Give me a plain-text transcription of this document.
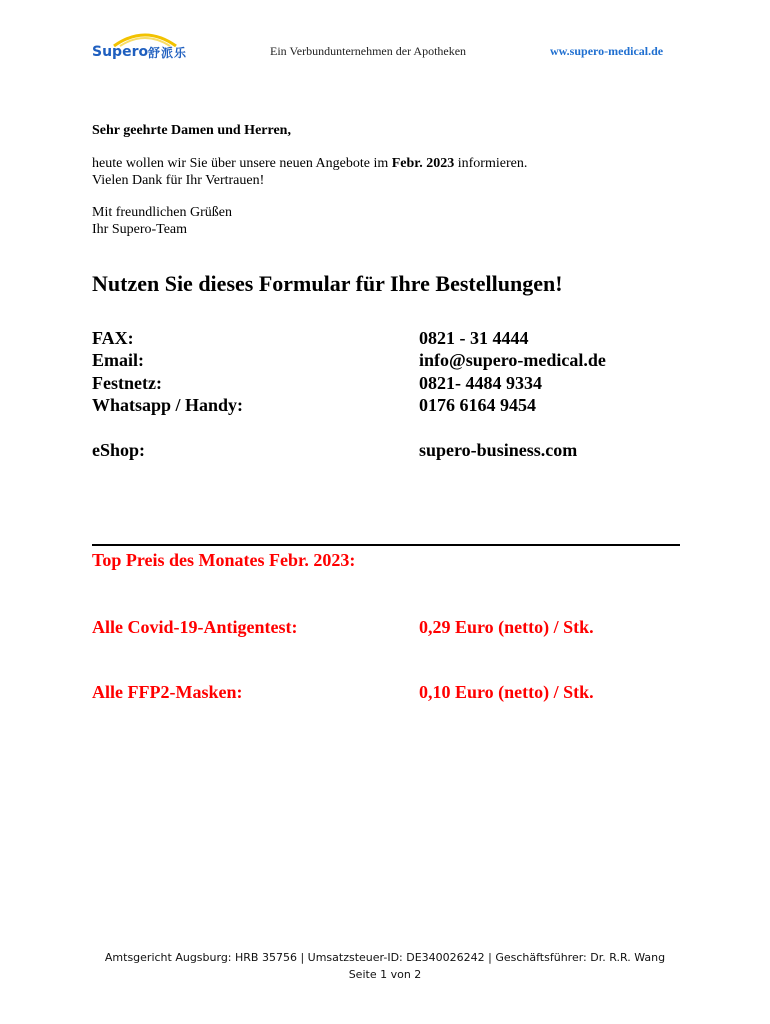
Supero 舒派乐	Ein Verbundunternehmen der Apotheken	ww.supero-medical.de
Sehr geehrte Damen und Herren,
heute wollen wir Sie über unsere neuen Angebote im Febr. 2023 informieren.
Vielen Dank für Ihr Vertrauen!
Mit freundlichen Grüßen
Ihr Supero-Team
Nutzen Sie dieses Formular für Ihre Bestellungen!
FAX:	0821 - 31 4444
Email:	info@supero-medical.de
Festnetz:	0821- 4484 9334
Whatsapp / Handy:	0176 6164 9454
eShop:	supero-business.com
Top Preis des Monates Febr. 2023:
Alle Covid-19-Antigentest:	0,29 Euro (netto) / Stk.
Alle FFP2-Masken:	0,10 Euro (netto) / Stk.
Amtsgericht Augsburg: HRB 35756 | Umsatzsteuer-ID: DE340026242 | Geschäftsführer: Dr. R.R. Wang
Seite 1 von 2
